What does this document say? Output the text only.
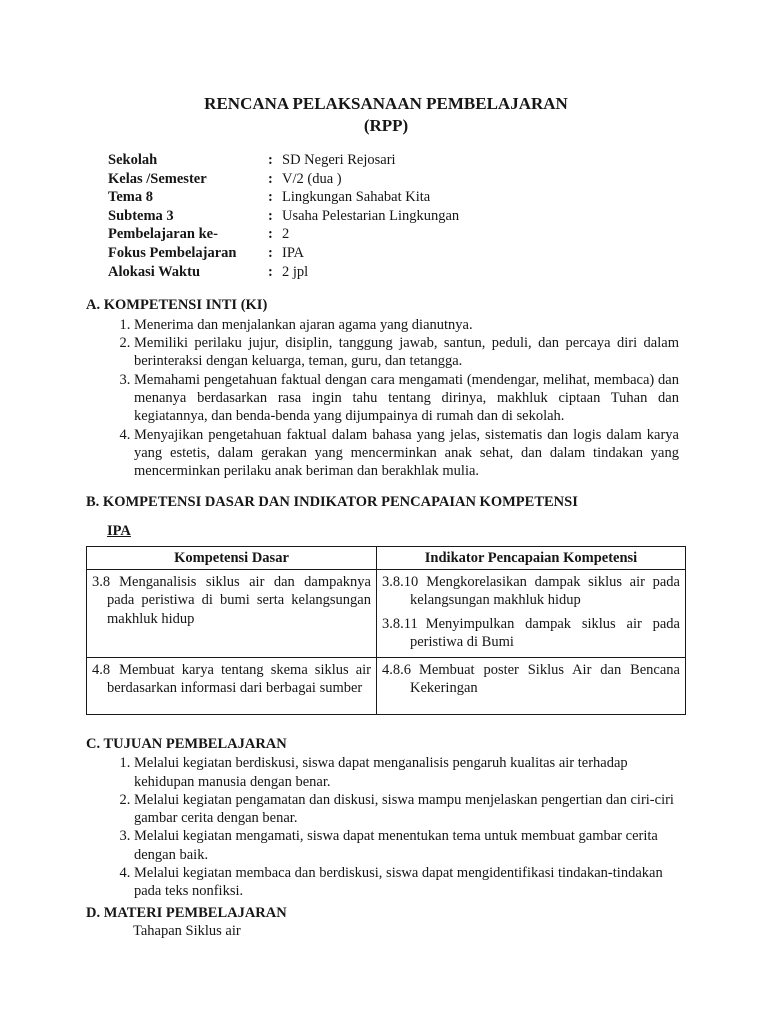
RENCANA PELAKSANAAN PEMBELAJARAN
(RPP)
Sekolah	: SD Negeri Rejosari
Kelas /Semester	: V/2 (dua )
Tema 8	: Lingkungan Sahabat Kita
Subtema 3	: Usaha Pelestarian Lingkungan
Pembelajaran ke-	: 2
Fokus Pembelajaran	: IPA
Alokasi Waktu	: 2 jpl
A. KOMPETENSI INTI (KI)
1. Menerima dan menjalankan ajaran agama yang dianutnya.
2. Memiliki perilaku jujur, disiplin, tanggung jawab, santun, peduli, dan percaya diri dalam berinteraksi dengan keluarga, teman, guru, dan tetangga.
3. Memahami pengetahuan faktual dengan cara mengamati (mendengar, melihat, membaca) dan menanya berdasarkan rasa ingin tahu tentang dirinya, makhluk ciptaan Tuhan dan kegiatannya, dan benda-benda yang dijumpainya di rumah dan di sekolah.
4. Menyajikan pengetahuan faktual dalam bahasa yang jelas, sistematis dan logis dalam karya yang estetis, dalam gerakan yang mencerminkan anak sehat, dan dalam tindakan yang mencerminkan perilaku anak beriman dan berakhlak mulia.
B. KOMPETENSI DASAR DAN INDIKATOR PENCAPAIAN KOMPETENSI
IPA
Kompetensi Dasar	Indikator Pencapaian Kompetensi

3.8 Menganalisis siklus air dan dampaknya pada peristiwa di bumi serta kelangsungan makhluk hidup	3.8.10 Mengkorelasikan dampak siklus air pada kelangsungan makhluk hidup
3.8.11 Menyimpulkan dampak siklus air pada peristiwa di Bumi

4.8 Membuat karya tentang skema siklus air berdasarkan informasi dari berbagai sumber	4.8.6 Membuat poster Siklus Air dan Bencana Kekeringan
C. TUJUAN PEMBELAJARAN
1. Melalui kegiatan berdiskusi, siswa dapat menganalisis pengaruh kualitas air terhadap kehidupan manusia dengan benar.
2. Melalui kegiatan pengamatan dan diskusi, siswa mampu menjelaskan pengertian dan ciri-ciri gambar cerita dengan benar.
3. Melalui kegiatan mengamati, siswa dapat menentukan tema untuk membuat gambar cerita dengan baik.
4. Melalui kegiatan membaca dan berdiskusi, siswa dapat mengidentifikasi tindakan-tindakan pada teks nonfiksi.
D. MATERI PEMBELAJARAN
Tahapan Siklus air
